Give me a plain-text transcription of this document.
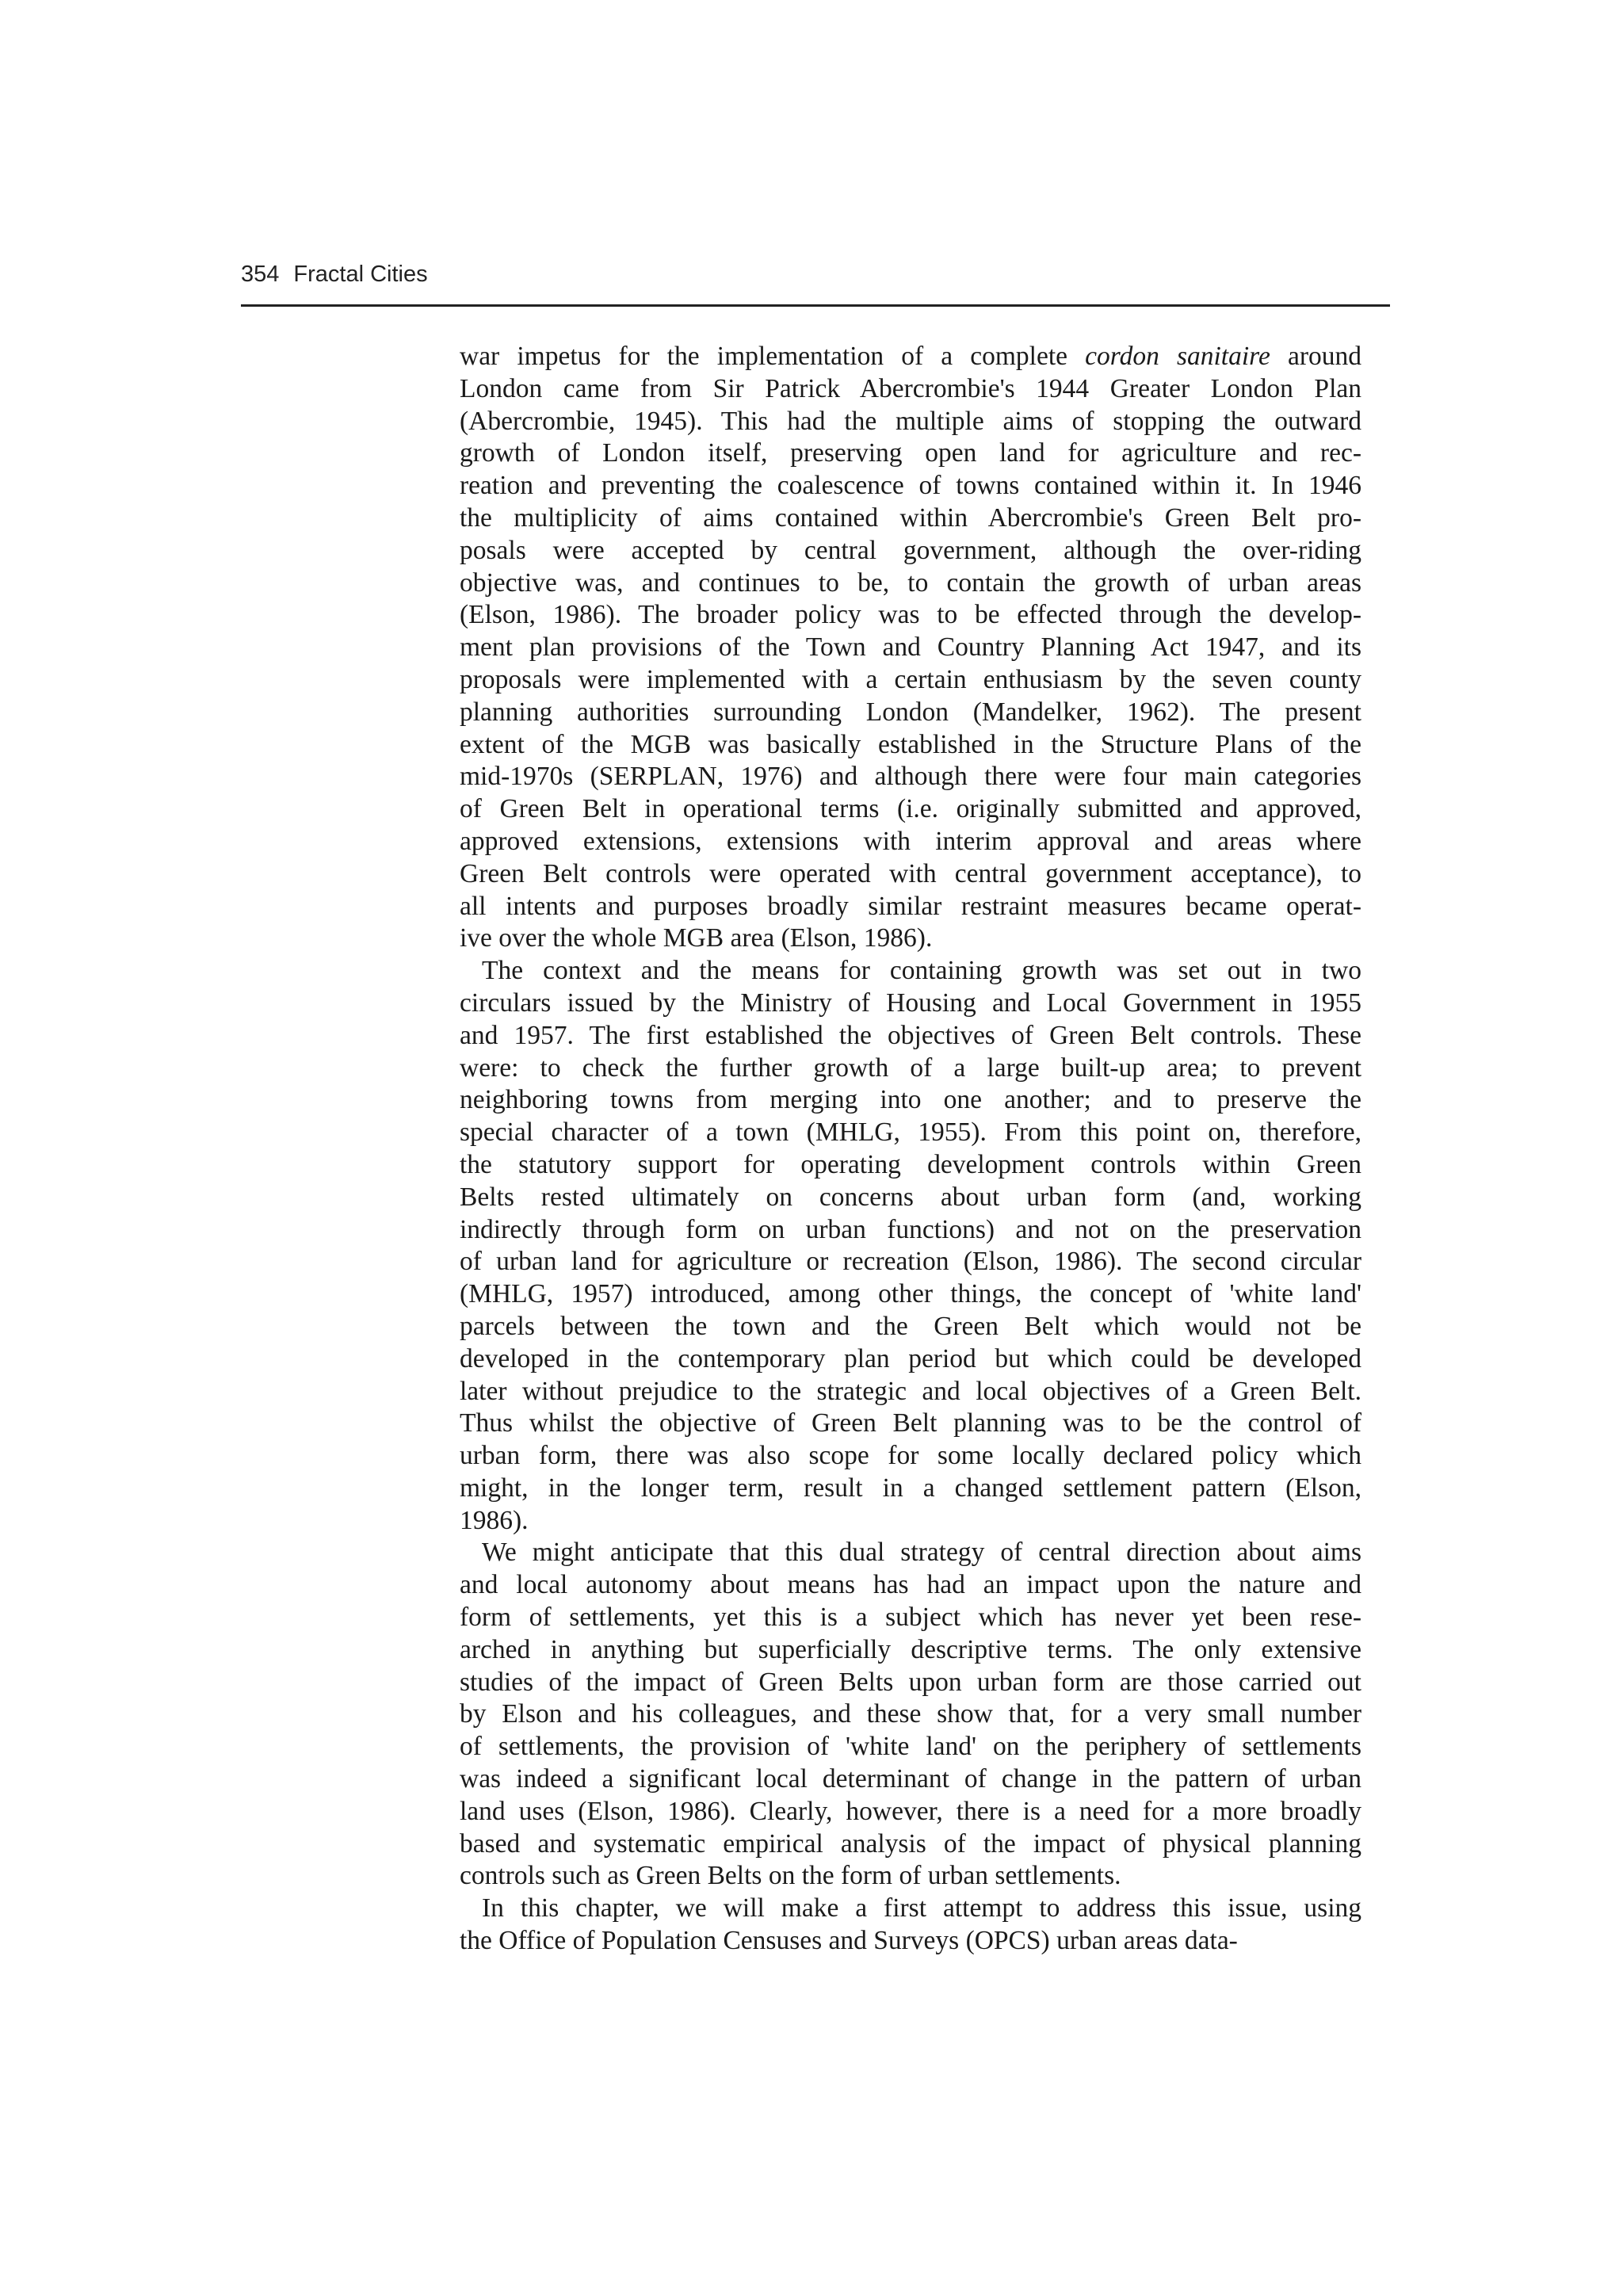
354 Fractal Cities

war impetus for the implementation of a complete cordon sanitaire around
London came from Sir Patrick Abercrombie's 1944 Greater London Plan
(Abercrombie, 1945). This had the multiple aims of stopping the outward
growth of London itself, preserving open land for agriculture and rec-
reation and preventing the coalescence of towns contained within it. In 1946
the multiplicity of aims contained within Abercrombie's Green Belt pro-
posals were accepted by central government, although the over-riding
objective was, and continues to be, to contain the growth of urban areas
(Elson, 1986). The broader policy was to be effected through the develop-
ment plan provisions of the Town and Country Planning Act 1947, and its
proposals were implemented with a certain enthusiasm by the seven county
planning authorities surrounding London (Mandelker, 1962). The present
extent of the MGB was basically established in the Structure Plans of the
mid-1970s (SERPLAN, 1976) and although there were four main categories
of Green Belt in operational terms (i.e. originally submitted and approved,
approved extensions, extensions with interim approval and areas where
Green Belt controls were operated with central government acceptance), to
all intents and purposes broadly similar restraint measures became operat-
ive over the whole MGB area (Elson, 1986).

The context and the means for containing growth was set out in two
circulars issued by the Ministry of Housing and Local Government in 1955
and 1957. The first established the objectives of Green Belt controls. These
were: to check the further growth of a large built-up area; to prevent
neighboring towns from merging into one another; and to preserve the
special character of a town (MHLG, 1955). From this point on, therefore,
the statutory support for operating development controls within Green
Belts rested ultimately on concerns about urban form (and, working
indirectly through form on urban functions) and not on the preservation
of urban land for agriculture or recreation (Elson, 1986). The second circular
(MHLG, 1957) introduced, among other things, the concept of 'white land'
parcels between the town and the Green Belt which would not be
developed in the contemporary plan period but which could be developed
later without prejudice to the strategic and local objectives of a Green Belt.
Thus whilst the objective of Green Belt planning was to be the control of
urban form, there was also scope for some locally declared policy which
might, in the longer term, result in a changed settlement pattern (Elson,
1986).

We might anticipate that this dual strategy of central direction about aims
and local autonomy about means has had an impact upon the nature and
form of settlements, yet this is a subject which has never yet been rese-
arched in anything but superficially descriptive terms. The only extensive
studies of the impact of Green Belts upon urban form are those carried out
by Elson and his colleagues, and these show that, for a very small number
of settlements, the provision of 'white land' on the periphery of settlements
was indeed a significant local determinant of change in the pattern of urban
land uses (Elson, 1986). Clearly, however, there is a need for a more broadly
based and systematic empirical analysis of the impact of physical planning
controls such as Green Belts on the form of urban settlements.

In this chapter, we will make a first attempt to address this issue, using
the Office of Population Censuses and Surveys (OPCS) urban areas data-
